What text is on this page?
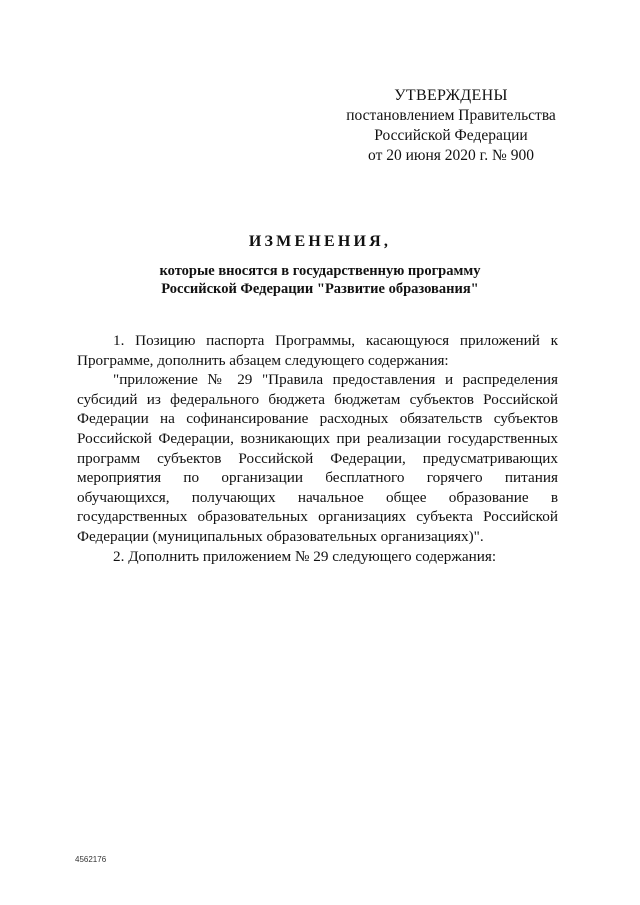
УТВЕРЖДЕНЫ
постановлением Правительства
Российской Федерации
от 20 июня 2020 г. № 900
ИЗМЕНЕНИЯ,
которые вносятся в государственную программу
Российской Федерации "Развитие образования"

1. Позицию паспорта Программы, касающуюся приложений к Программе, дополнить абзацем следующего содержания:

"приложение № 29 "Правила предоставления и распределения субсидий из федерального бюджета бюджетам субъектов Российской Федерации на софинансирование расходных обязательств субъектов Российской Федерации, возникающих при реализации государственных программ субъектов Российской Федерации, предусматривающих мероприятия по организации бесплатного горячего питания обучающихся, получающих начальное общее образование в государственных образовательных организациях субъекта Российской Федерации (муниципальных образовательных организациях)".

2. Дополнить приложением № 29 следующего содержания:

4562176
